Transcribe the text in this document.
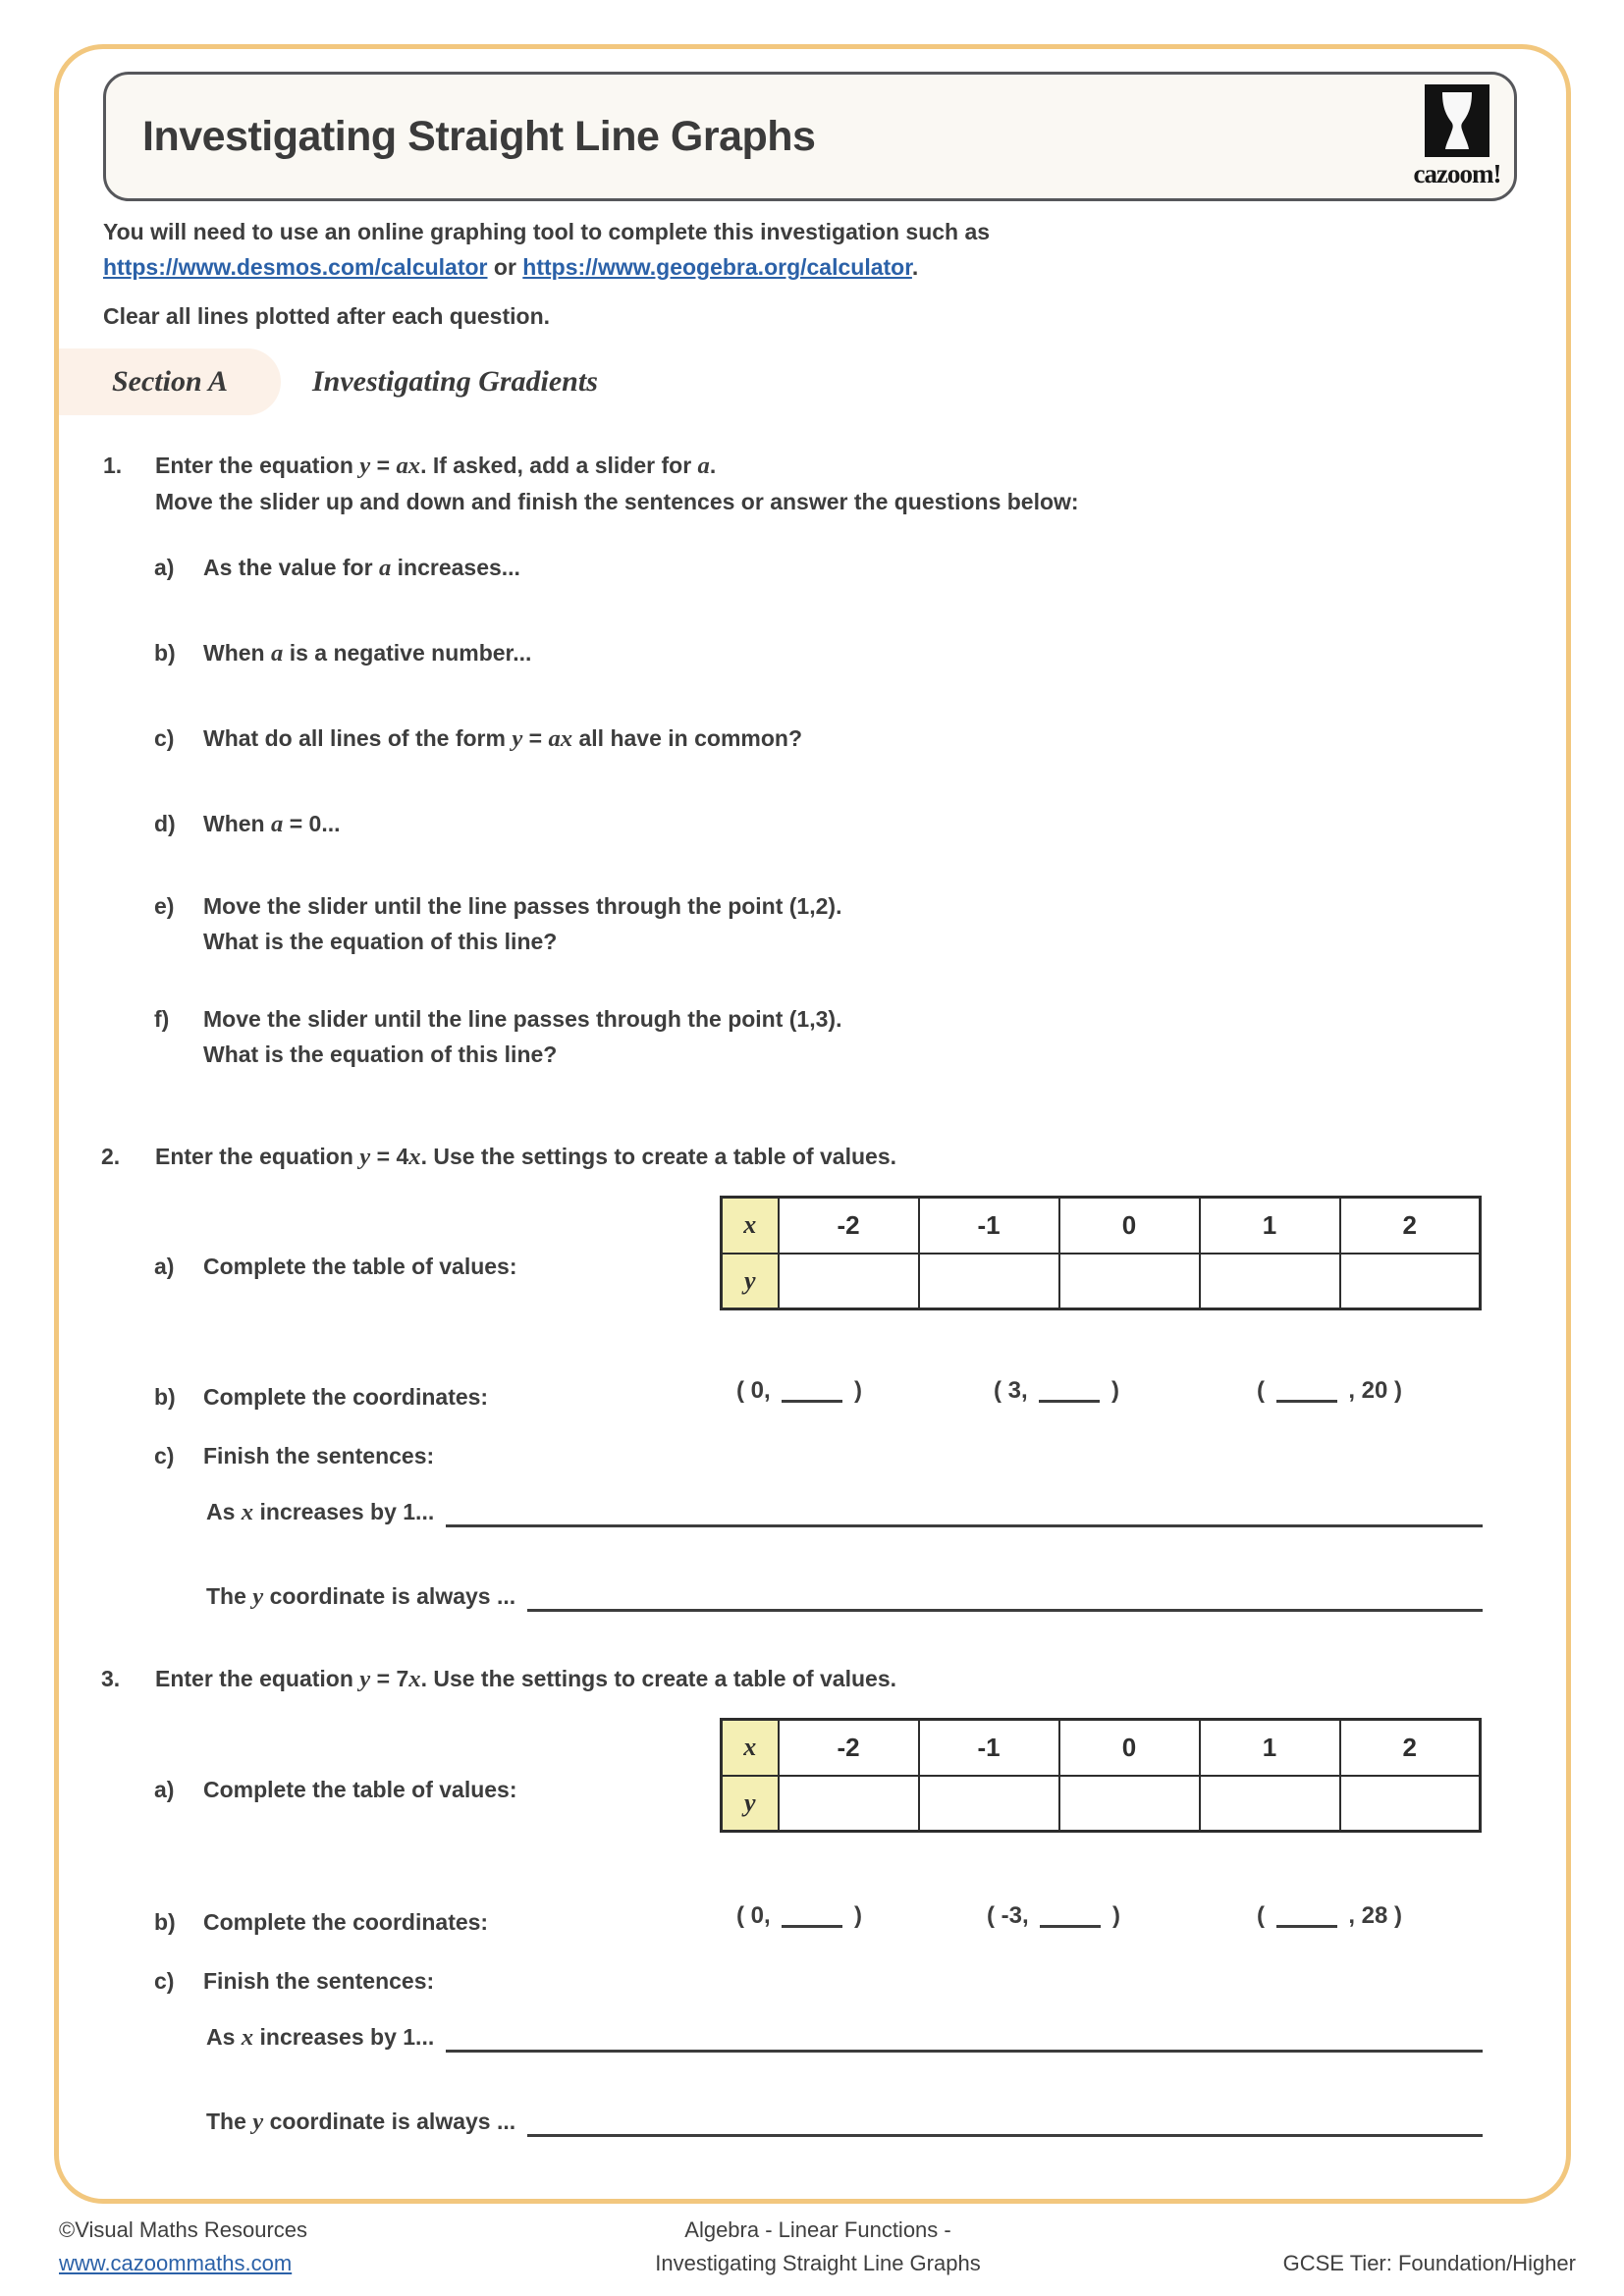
Investigating Straight Line Graphs
cazoom!
You will need to use an online graphing tool to complete this investigation such as
https://www.desmos.com/calculator or https://www.geogebra.org/calculator.
Clear all lines plotted after each question.
Section A	Investigating Gradients
1. Enter the equation y = ax. If asked, add a slider for a.
Move the slider up and down and finish the sentences or answer the questions below:
a) As the value for a increases...
b) When a is a negative number...
c) What do all lines of the form y = ax all have in common?
d) When a = 0...
e) Move the slider until the line passes through the point (1,2).
What is the equation of this line?
f) Move the slider until the line passes through the point (1,3).
What is the equation of this line?
2. Enter the equation y = 4x. Use the settings to create a table of values.
x	-2	-1	0	1	2
y					
a) Complete the table of values:
b) Complete the coordinates:	( 0,	)	( 3,	)	(	, 20 )
c) Finish the sentences:
As x increases by 1...
The y coordinate is always ...
3. Enter the equation y = 7x. Use the settings to create a table of values.
x	-2	-1	0	1	2
y					
a) Complete the table of values:
b) Complete the coordinates:	( 0,	)	( -3,	)	(	, 28 )
c) Finish the sentences:
As x increases by 1...
The y coordinate is always ...
©Visual Maths Resources
www.cazoommaths.com
Algebra - Linear Functions -
Investigating Straight Line Graphs	GCSE Tier: Foundation/Higher
